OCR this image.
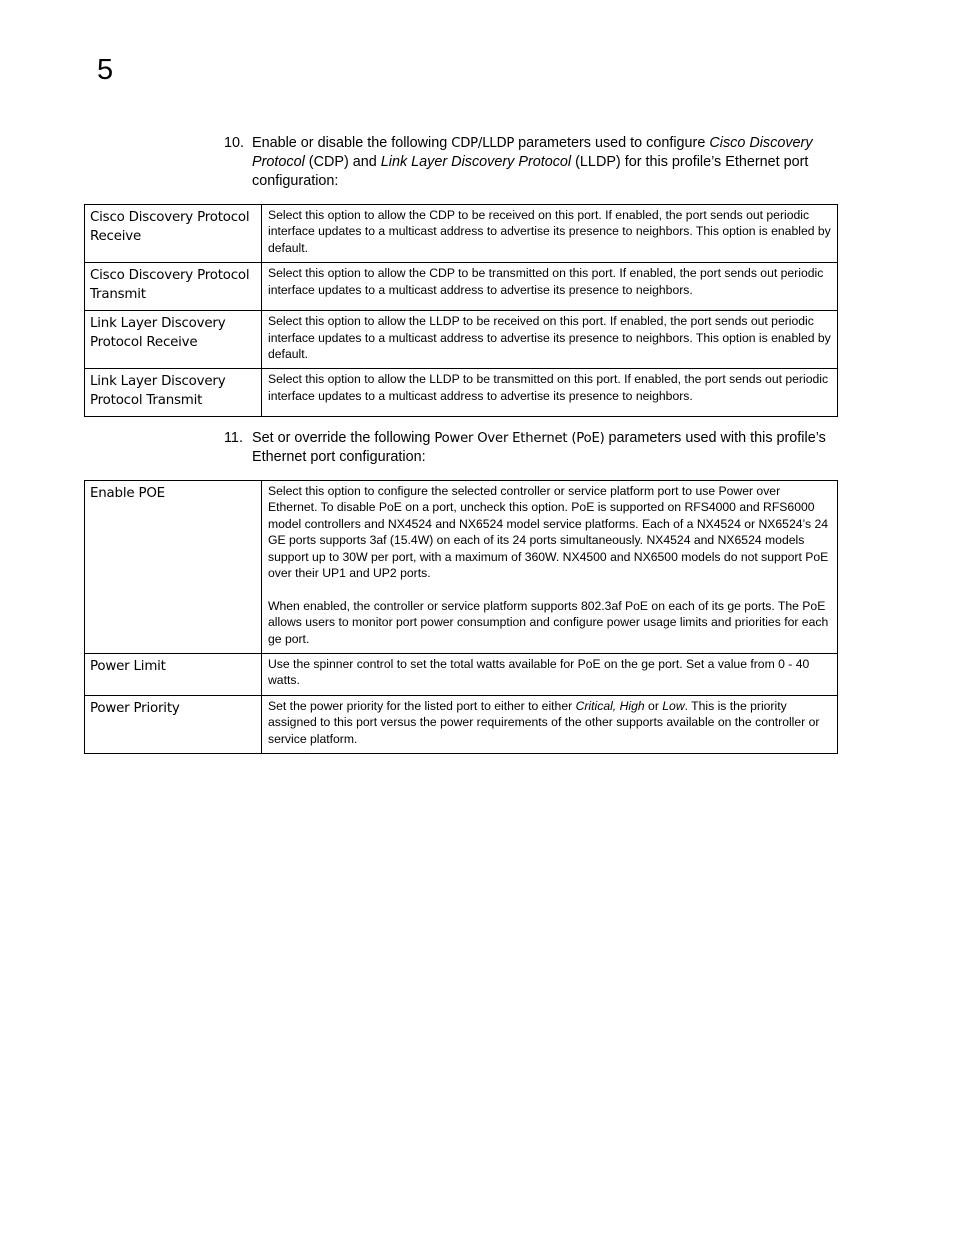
5
10. Enable or disable the following CDP/LLDP parameters used to configure Cisco Discovery Protocol (CDP) and Link Layer Discovery Protocol (LLDP) for this profile’s Ethernet port configuration:
Cisco Discovery Protocol Receive	Select this option to allow the CDP to be received on this port. If enabled, the port sends out periodic interface updates to a multicast address to advertise its presence to neighbors. This option is enabled by default.

Cisco Discovery Protocol Transmit	Select this option to allow the CDP to be transmitted on this port. If enabled, the port sends out periodic interface updates to a multicast address to advertise its presence to neighbors.

Link Layer Discovery Protocol Receive	Select this option to allow the LLDP to be received on this port. If enabled, the port sends out periodic interface updates to a multicast address to advertise its presence to neighbors. This option is enabled by default.

Link Layer Discovery Protocol Transmit	Select this option to allow the LLDP to be transmitted on this port. If enabled, the port sends out periodic interface updates to a multicast address to advertise its presence to neighbors.

11. Set or override the following Power Over Ethernet (PoE) parameters used with this profile’s Ethernet port configuration:
Enable POE	Select this option to configure the selected controller or service platform port to use Power over Ethernet. To disable PoE on a port, uncheck this option. PoE is supported on RFS4000 and RFS6000 model controllers and NX4524 and NX6524 model service platforms. Each of a NX4524 or NX6524’s 24 GE ports supports 3af (15.4W) on each of its 24 ports simultaneously. NX4524 and NX6524 models support up to 30W per port, with a maximum of 360W. NX4500 and NX6500 models do not support PoE over their UP1 and UP2 ports.

When enabled, the controller or service platform supports 802.3af PoE on each of its ge ports. The PoE allows users to monitor port power consumption and configure power usage limits and priorities for each ge port.

Power Limit	Use the spinner control to set the total watts available for PoE on the ge port. Set a value from 0 - 40 watts.

Power Priority	Set the power priority for the listed port to either to either Critical, High or Low. This is the priority assigned to this port versus the power requirements of the other supports available on the controller or service platform.
